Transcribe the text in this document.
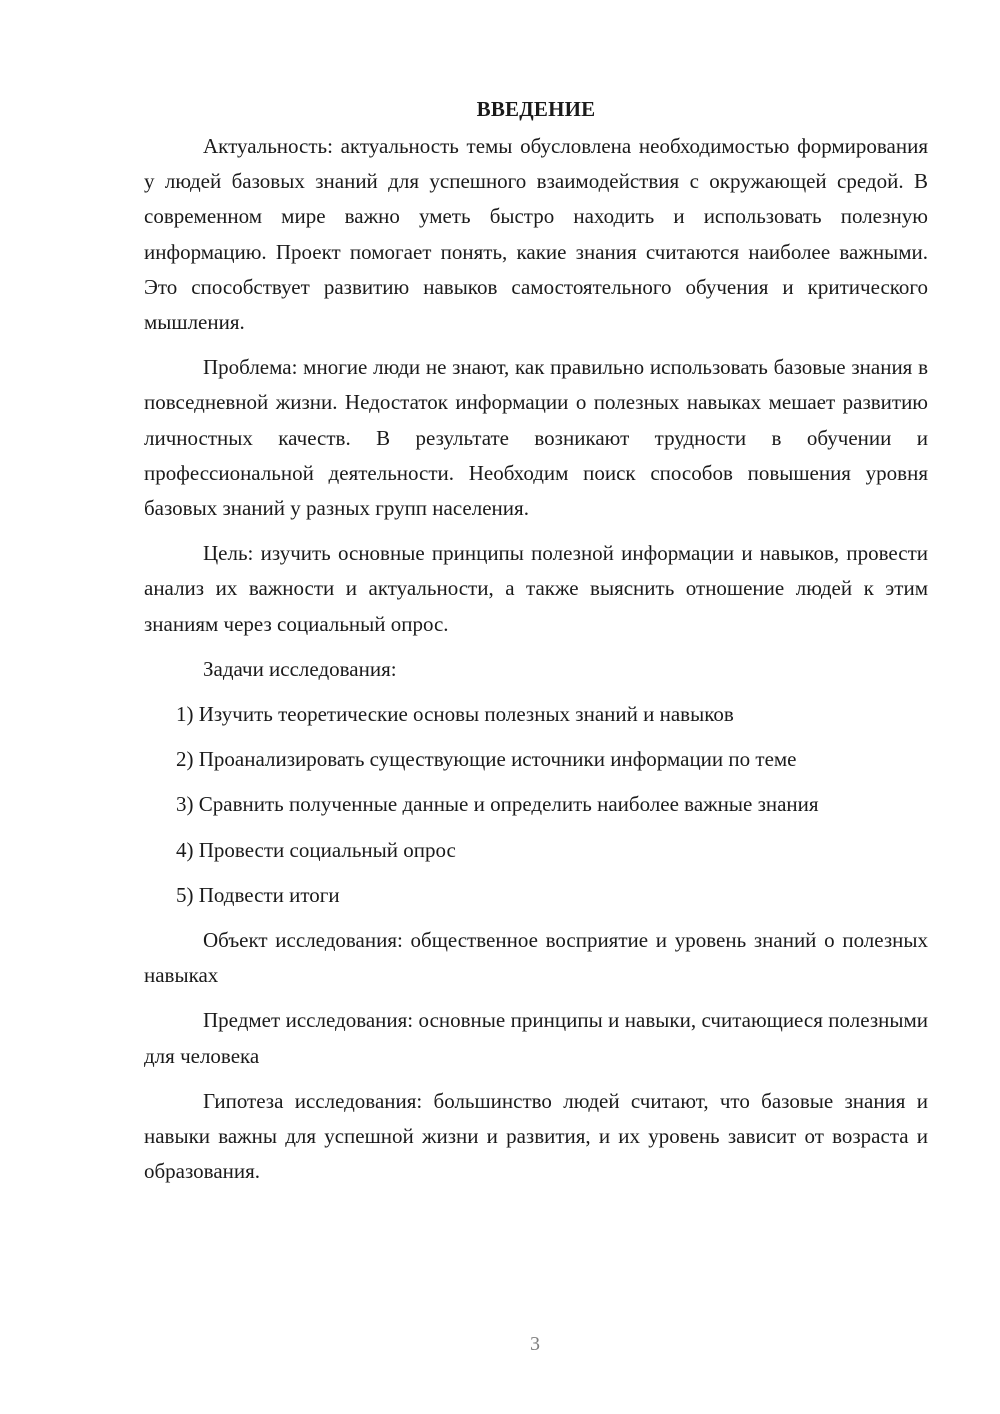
ВВЕДЕНИЕ

Актуальность: актуальность темы обусловлена необходимостью формирования у людей базовых знаний для успешного взаимодействия с окружающей средой. В современном мире важно уметь быстро находить и использовать полезную информацию. Проект помогает понять, какие знания считаются наиболее важными. Это способствует развитию навыков самостоятельного обучения и критического мышления.

Проблема: многие люди не знают, как правильно использовать базовые знания в повседневной жизни. Недостаток информации о полезных навыках мешает развитию личностных качеств. В результате возникают трудности в обучении и профессиональной деятельности. Необходим поиск способов повышения уровня базовых знаний у разных групп населения.

Цель: изучить основные принципы полезной информации и навыков, провести анализ их важности и актуальности, а также выяснить отношение людей к этим знаниям через социальный опрос.

Задачи исследования:

1) Изучить теоретические основы полезных знаний и навыков

2) Проанализировать существующие источники информации по теме

3) Сравнить полученные данные и определить наиболее важные знания

4) Провести социальный опрос

5) Подвести итоги

Объект исследования: общественное восприятие и уровень знаний о полезных навыках

Предмет исследования: основные принципы и навыки, считающиеся полезными для человека

Гипотеза исследования: большинство людей считают, что базовые знания и навыки важны для успешной жизни и развития, и их уровень зависит от возраста и образования.

3
